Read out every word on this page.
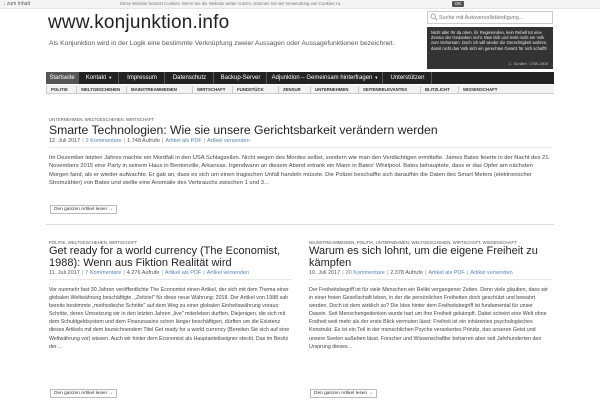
↓ zum Inhalt	Diese Website benutzt Cookies. Wenn Sie die Website weiter nutzen, stimmen Sie der Verwendung von Cookies zu.	OK
www.konjunktion.info
Als Konjunktion wird in der Logik eine bestimmte Verknüpfung zweier Aussagen oder Aussagefunktionen bezeichnet.
Suche mit Autovervollständigung...
Nicht alle! Ihr da oben, ihr Regierenden, kein Rebell tut eine Zensur der Gedanken nicht. Man läßt und lenkt nicht ein Volk zum Gehorsam. Doch ich will wieder die Gerechtigkeit wahren, damit nicht das Volk sich ein gerechtes Gesetz für sich schafft!
C. Schiller, 1788-1805
Startseite	Kontakt ▼	Impressum	Datenschutz	Backup-Server	Adjunktion – Gemeinsam hinterfragen ▼	Unterstützen
POLITIK	WELTGESCHEHEN	MAINSTREAMMEDIEN	WIRTSCHAFT	FUNDSTÜCK	ZENSUR	UNTERNEHMEN	SEITENRELEVANTES	BLITZLICHT	WISSENSCHAFT
UNTERNEHMEN, WELTGESCHEHEN, WIRTSCHAFT
Smarte Technologien: Wie sie unsere Gerichtsbarkeit verändern werden
12. Juli 2017 | 2 Kommentare | 1.748 Aufrufe | Artikel als PDF | Artikel versenden
Im Dezember letzten Jahres machte ein Mordfall in den USA Schlagzeilen. Nicht wegen des Mordes selbst, sondern wie man den Verdächtigen ermittelte. James Bates feierte in der Nacht des 21. Novembers 2015 eine Party in seinem Haus in Bentonville, Arkansas. Irgendwann an diesem Abend ertrank ein Mann in Bates' Whirlpool. Bates behauptete, dass er das Opfer am nächsten Morgen fand, als er wieder aufwachte. Er gab an, dass es sich um einen tragischen Unfall handeln müsste. Die Polizei beschaffte sich daraufhin die Daten des Smart Meters (elektronischer Stromzähler) von Bates und stellte eine Anomalie des Verbrauchs zwischen 1 und 3…
Den ganzen Artikel lesen →
POLITIK, WELTGESCHEHEN, WIRTSCHAFT
Get ready for a world currency (The Economist, 1988): Wenn aus Fiktion Realität wird
11. Juli 2017 | 7 Kommentare | 4.276 Aufrufe | Artikel als PDF | Artikel versenden
Vor nunmehr fast 30 Jahren veröffentlichte The Economist einen Artikel, der sich mit dem Thema einer globalen Weltwährung beschäftigte. „Zeitziel" für diese neue Währung: 2018. Der Artikel von 1988 sah bereits bestimmte „methodische Schritte" auf dem Weg zu einer globalen Einheitswährung voraus: Schritte, deren Umsetzung wir in den letzten Jahren „live" miterleben durften. Diejenigen, die sich mit dem Schuldgeldsystem und dem Finanzsasino schon länger beschäftigen, dürften um die Existenz dieses Artikels mit dem bezeichnendem Titel Get ready for a world currency (Bereiten Sie sich auf eine Weltwährung vor) wissen. Auch wir hinter dem Economist als Hauptanteilseigner steckt. Das im Besitz der…
Den ganzen Artikel lesen →
MAINSTREAMMEDIEN, POLITIK, UNTERNEHMEN, WELTGESCHEHEN, WIRTSCHAFT, WISSENSCHAFT
Warum es sich lohnt, um die eigene Freiheit zu kämpfen
10. Juli 2017 | 20 Kommentare | 2.378 Aufrufe | Artikel als PDF | Artikel versenden
Der Freiheitsbegriff ist für viele Menschen ein Relikt vergangener Zeiten. Denn viele glauben, dass wir in einer freien Gesellschaft leben, in der die persönlichen Freiheiten doch geschützt und bewahrt werden. Doch ist dem wirklich so? Die Idee hinter dem Freiheitsbegriff ist fundamental für unser Dasein. Seit Menschengedenken wurde hart um ihre Freiheit gekämpft. Dabei scheint eine Welt ohne Freiheit weit mehr als der erste Blick vermuten lässt: Freiheit ist ein inhärentes psychologisches Konstrukt. Es ist ein Teil in der menschlichen Psyche verankertes Prinzip, das unseren Geist und unsere Seelen außeben lässt. Forscher und Wissenschaftler beharren aber seit Jahrhunderten den Ursprung dieses…
Den ganzen Artikel lesen →
